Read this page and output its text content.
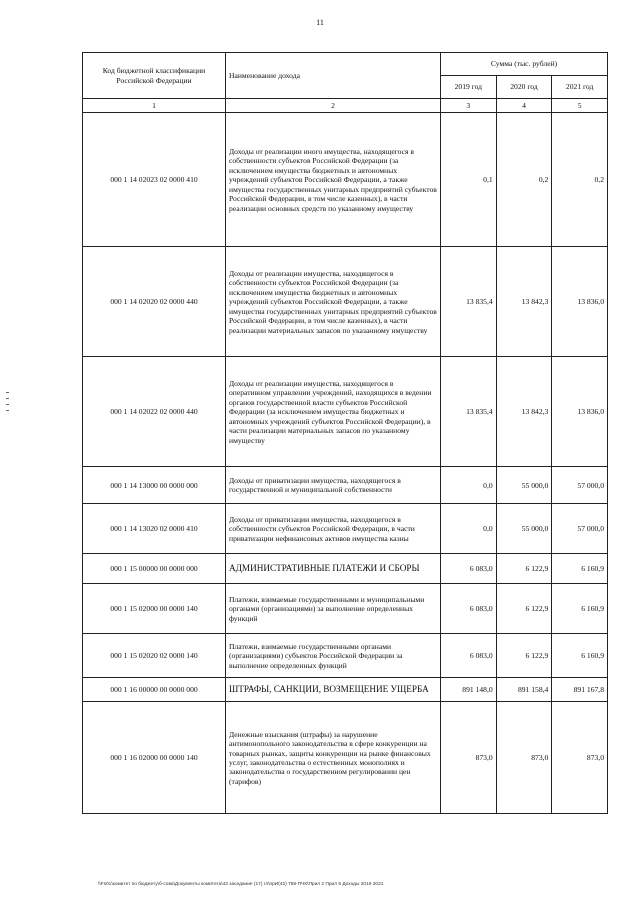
11
Код бюджетной классификации Российской Федерации	Наименование дохода	Сумма (тыс. рублей)		
		2019 год	2020 год	2021 год
1	2	3	4	5
000 1 14 02023 02 0000 410	Доходы от реализации иного имущества, находящегося в собственности субъектов Российской Федерации (за исключением имущества бюджетных и автономных учреждений субъектов Российской Федерации, а также имущества государственных унитарных предприятий субъектов Российской Федерации, в том числе казенных), в части реализации основных средств по указанному имуществу	0,1	0,2	0,2
000 1 14 02020 02 0000 440	Доходы от реализации имущества, находящегося в собственности субъектов Российской Федерации (за исключением имущества бюджетных и автономных учреждений субъектов Российской Федерации, а также имущества государственных унитарных предприятий субъектов Российской Федерации, в том числе казенных), в части реализации материальных запасов по указанному имуществу	13 835,4	13 842,3	13 836,0
000 1 14 02022 02 0000 440	Доходы от реализации имущества, находящегося в оперативном управлении учреждений, находящихся в ведении органов государственной власти субъектов Российской Федерации (за исключением имущества бюджетных и автономных учреждений субъектов Российской Федерации), в части реализации материальных запасов по указанному имуществу	13 835,4	13 842,3	13 836,0
000 1 14 13000 00 0000 000	Доходы от приватизации имущества, находящегося в государственной и муниципальной собственности	0,0	55 000,0	57 000,0
000 1 14 13020 02 0000 410	Доходы от приватизации имущества, находящегося в собственности субъектов Российской Федерации, в части приватизации нефинансовых активов имущества казны	0,0	55 000,0	57 000,0
000 1 15 00000 00 0000 000	АДМИНИСТРАТИВНЫЕ ПЛАТЕЖИ И СБОРЫ	6 083,0	6 122,9	6 160,9
000 1 15 02000 00 0000 140	Платежи, взимаемые государственными и муниципальными органами (организациями) за выполнение определенных функций	6 083,0	6 122,9	6 160,9
000 1 15 02020 02 0000 140	Платежи, взимаемые государственными органами (организациями) субъектов Российской Федерации за выполнение определенных функций	6 083,0	6 122,9	6 160,9
000 1 16 00000 00 0000 000	ШТРАФЫ, САНКЦИИ, ВОЗМЕЩЕНИЕ УЩЕРБА	891 148,0	891 158,4	891 167,8
000 1 16 02000 00 0000 140	Денежные взыскания (штрафы) за нарушение антимонопольного законодательства в сфере конкуренции на товарных рынках, защиты конкуренции на рынке финансовых услуг, законодательства о естественных монополиях и законодательства о государственном регулировании цен (тарифов)	873,0	873,0	873,0
\\Fs01\комитет по бюджету\б-сова\Документы комитета\42 заседание (17) гл\прИ(42) 759-ПЧК\Прил 2 Прил 5 Доходы 2019 2021
